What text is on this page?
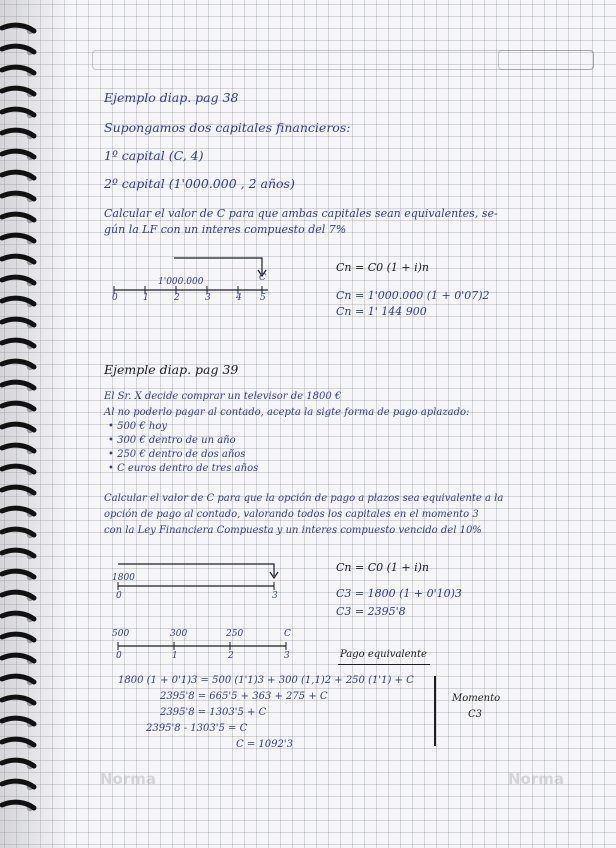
Ejemplo diap. pag 38
Supongamos dos capitales financieros:
1º capital (C, 4)
2º capital (1'000.000 , 2 años)
Calcular el valor de C para que ambas capitales sean equivalentes, se-
gún la LF con un interes compuesto del 7%
C
1'000.000
0	1	2	3	4 5
Cn = C0 (1 + i)n
Cn = 1'000.000 (1 + 0'07)2
Cn = 1' 144 900
Ejemple diap. pag 39
El Sr. X decide comprar un televisor de 1800 €
Al no poderlo pagar al contado, acepta la sigte forma de pago aplazado:
• 500 € hoy
• 300 € dentro de un año
• 250 € dentro de dos años
• C euros dentro de tres años
Calcular el valor de C para que la opción de pago a plazos sea equivalente a la
opción de pago al contado, valorando todos los capitales en el momento 3
con la Ley Financiera Compuesta y un interes compuesto vencido del 10%
1800
0	3
Cn = C0 (1 + i)n
C3 = 1800 (1 + 0'10)3
C3 = 2395'8
500	300	250	C
0	1	2	3	Pago equivalente
1800 (1 + 0'1)3 = 500 (1'1)3 + 300 (1,1)2 + 250 (1'1) + C
2395'8 = 665'5 + 363 + 275 + C
2395'8 = 1303'5 + C
2395'8 - 1303'5 = C
C = 1092'3
Momento
C3
Norma	Norma
